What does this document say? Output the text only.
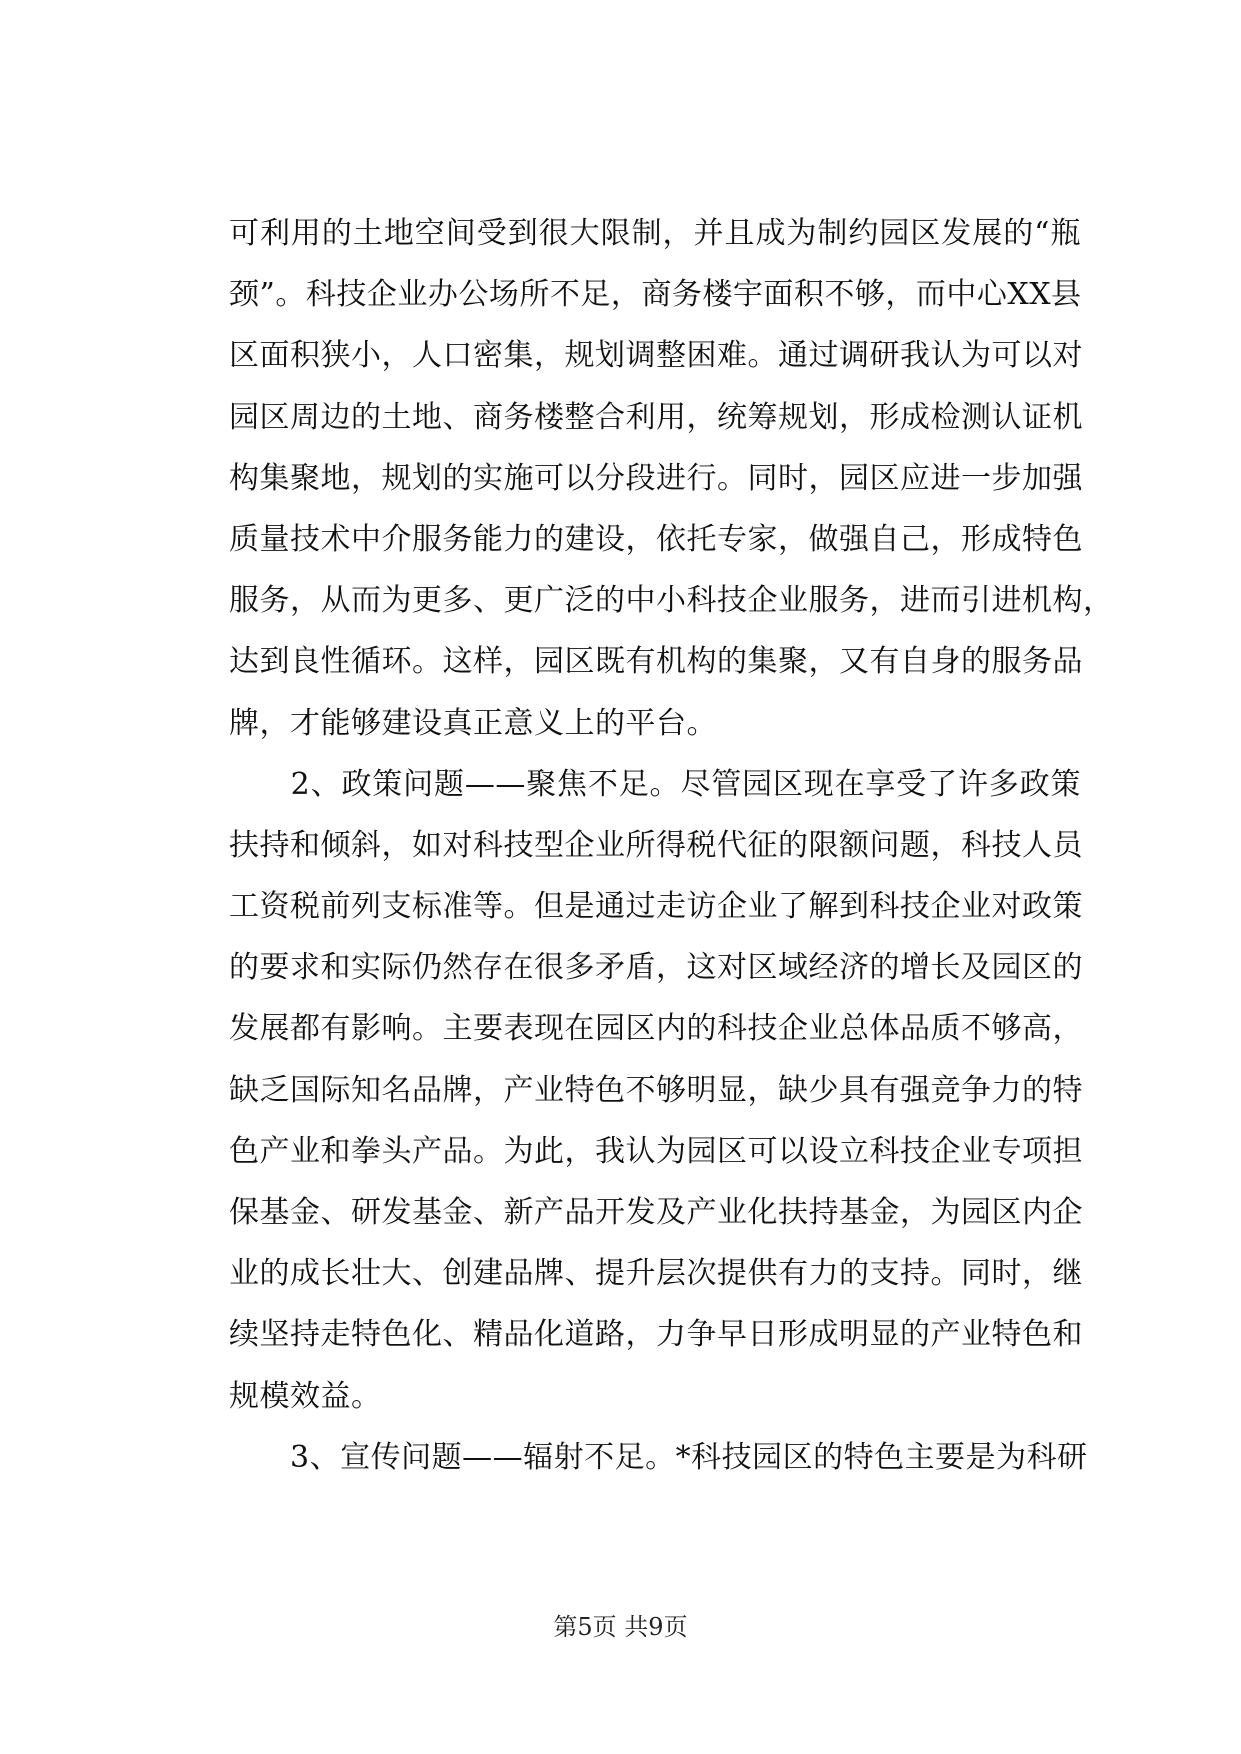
可利用的土地空间受到很大限制，并且成为制约园区发展的“瓶
颈”。科技企业办公场所不足，商务楼宇面积不够，而中心XX县
区面积狭小，人口密集，规划调整困难。通过调研我认为可以对
园区周边的土地、商务楼整合利用，统筹规划，形成检测认证机
构集聚地，规划的实施可以分段进行。同时，园区应进一步加强
质量技术中介服务能力的建设，依托专家，做强自己，形成特色
服务，从而为更多、更广泛的中小科技企业服务，进而引进机构，
达到良性循环。这样，园区既有机构的集聚，又有自身的服务品
牌，才能够建设真正意义上的平台。
　　2、政策问题——聚焦不足。尽管园区现在享受了许多政策
扶持和倾斜，如对科技型企业所得税代征的限额问题，科技人员
工资税前列支标准等。但是通过走访企业了解到科技企业对政策
的要求和实际仍然存在很多矛盾，这对区域经济的增长及园区的
发展都有影响。主要表现在园区内的科技企业总体品质不够高，
缺乏国际知名品牌，产业特色不够明显，缺少具有强竞争力的特
色产业和拳头产品。为此，我认为园区可以设立科技企业专项担
保基金、研发基金、新产品开发及产业化扶持基金，为园区内企
业的成长壮大、创建品牌、提升层次提供有力的支持。同时，继
续坚持走特色化、精品化道路，力争早日形成明显的产业特色和
规模效益。
　　3、宣传问题——辐射不足。*科技园区的特色主要是为科研
第5页 共9页
